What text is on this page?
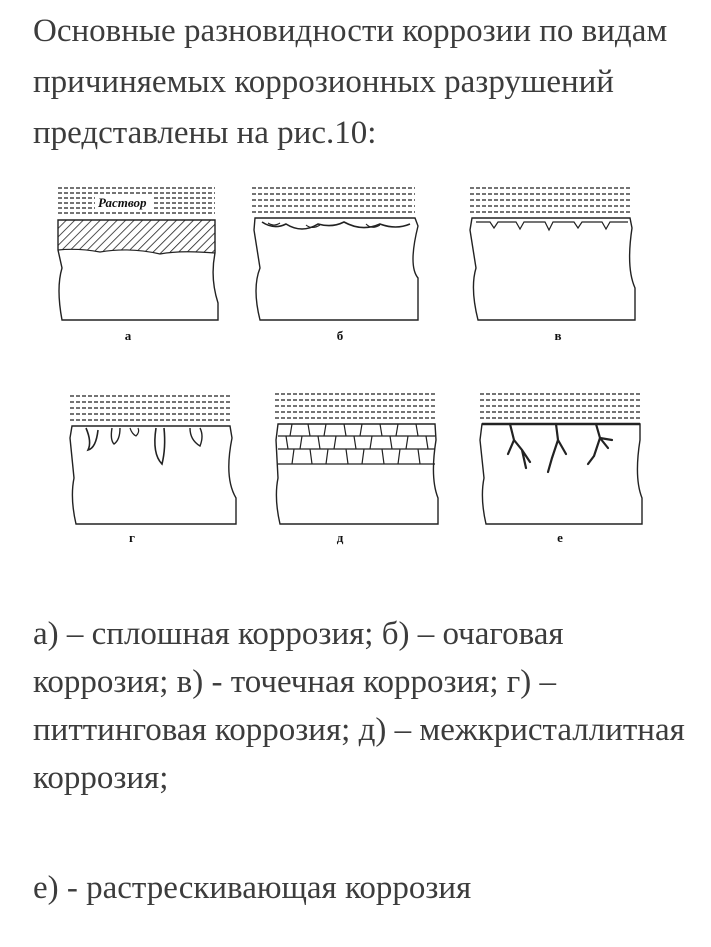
Основные разновидности коррозии по видам причиняемых коррозионных разрушений представлены на рис.10:

Раствор
а	б	в
г	д	е

а) – сплошная коррозия; б) – очаговая коррозия; в) - точечная коррозия; г) – питтинговая коррозия; д) – межкристаллитная коррозия;

е) - растрескивающая коррозия
